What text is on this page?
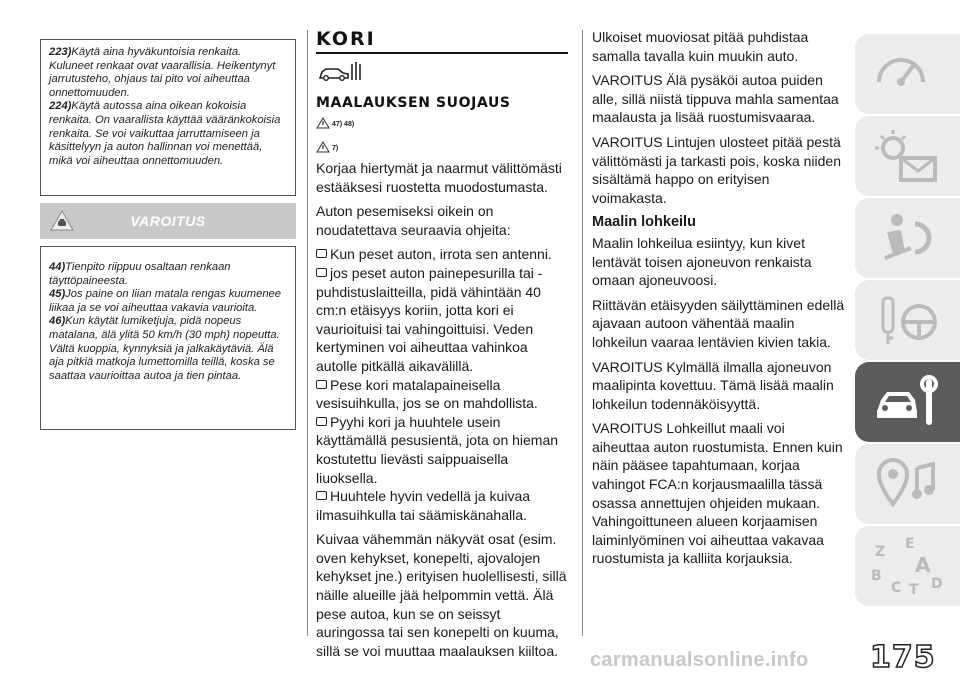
223)Käytä aina hyväkuntoisia renkaita. Kuluneet renkaat ovat vaarallisia. Heikentynyt jarrutusteho, ohjaus tai pito voi aiheuttaa onnettomuuden.

224)Käytä autossa aina oikean kokoisia renkaita. On vaarallista käyttää vääränkokoisia renkaita. Se voi vaikuttaa jarruttamiseen ja käsittelyyn ja auton hallinnan voi menettää, mikä voi aiheuttaa onnettomuuden.

VAROITUS

44)Tienpito riippuu osaltaan renkaan täyttöpaineesta.

45)Jos paine on liian matala rengas kuumenee liikaa ja se voi aiheuttaa vakavia vaurioita.

46)Kun käytät lumiketjuja, pidä nopeus matalana, älä ylitä 50 km/h (30 mph) nopeutta. Vältä kuoppia, kynnyksiä ja jalkakäytäviä. Älä aja pitkiä matkoja lumettomilla teillä, koska se saattaa vaurioittaa autoa ja tien pintaa.

KORI
MAALAUKSEN SUOJAUS
47) 48)
7)

Korjaa hiertymät ja naarmut välittömästi estääksesi ruostetta muodostumasta.

Auton pesemiseksi oikein on noudatettava seuraavia ohjeita:

Kun peset auton, irrota sen antenni.

jos peset auton painepesurilla tai -puhdistuslaitteilla, pidä vähintään 40 cm:n etäisyys koriin, jotta kori ei vaurioituisi tai vahingoittuisi. Veden kertyminen voi aiheuttaa vahinkoa autolle pitkällä aikavälillä.

Pese kori matalapaineisella vesisuihkulla, jos se on mahdollista.

Pyyhi kori ja huuhtele usein käyttämällä pesusientä, jota on hieman kostutettu lievästi saippuaisella liuoksella.

Huuhtele hyvin vedellä ja kuivaa ilmasuihkulla tai säämiskänahalla.

Kuivaa vähemmän näkyvät osat (esim. oven kehykset, konepelti, ajovalojen kehykset jne.) erityisen huolellisesti, sillä näille alueille jää helpommin vettä. Älä pese autoa, kun se on seissyt auringossa tai sen konepelti on kuuma, sillä se voi muuttaa maalauksen kiiltoa.

Ulkoiset muoviosat pitää puhdistaa samalla tavalla kuin muukin auto.

VAROITUS Älä pysäköi autoa puiden alle, sillä niistä tippuva mahla samentaa maalausta ja lisää ruostumisvaaraa.

VAROITUS Lintujen ulosteet pitää pestä välittömästi ja tarkasti pois, koska niiden sisältämä happo on erityisen voimakasta.

Maalin lohkeilu

Maalin lohkeilua esiintyy, kun kivet lentävät toisen ajoneuvon renkaista omaan ajoneuvoosi.

Riittävän etäisyyden säilyttäminen edellä ajavaan autoon vähentää maalin lohkeilun vaaraa lentävien kivien takia.

VAROITUS Kylmällä ilmalla ajoneuvon maalipinta kovettuu. Tämä lisää maalin lohkeilun todennäköisyyttä.

VAROITUS Lohkeillut maali voi aiheuttaa auton ruostumista. Ennen kuin näin pääsee tapahtumaan, korjaa vahingot FCA:n korjausmaalilla tässä osassa annettujen ohjeiden mukaan. Vahingoittuneen alueen korjaamisen laiminlyöminen voi aiheuttaa vakavaa ruostumista ja kalliita korjauksia.	Z E
A
B
C T D
175
carmanualsonline.info
